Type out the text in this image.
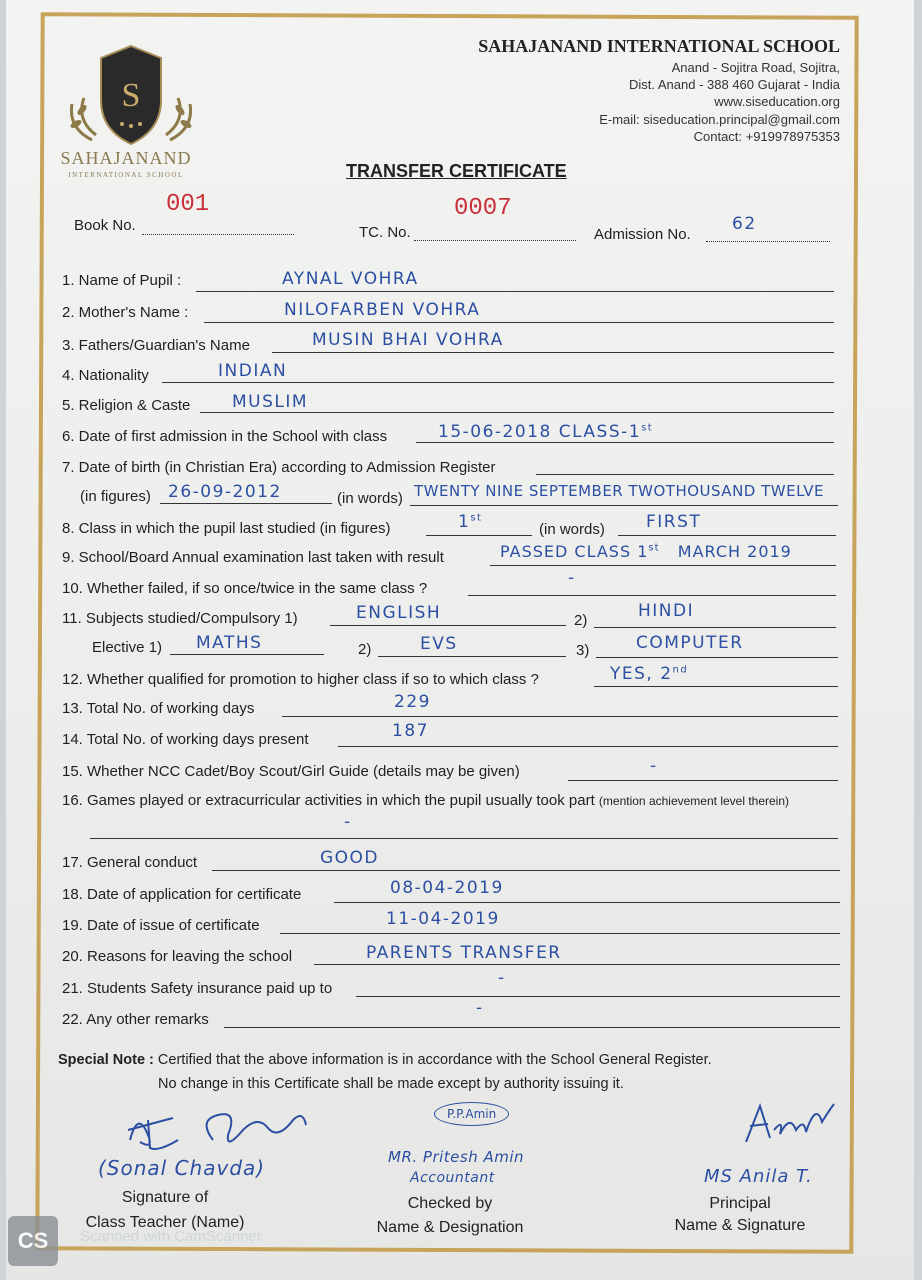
S
SAHAJANAND
INTERNATIONAL SCHOOL
SAHAJANAND INTERNATIONAL SCHOOL
Anand - Sojitra Road, Sojitra,
Dist. Anand - 388 460 Gujarat - India
www.siseducation.org
E-mail: siseducation.principal@gmail.com
Contact: +919978975353
TRANSFER CERTIFICATE
Book No.
001
TC. No.
0007
Admission No.
62
1. Name of Pupil :	AYNAL VOHRA
2. Mother's Name :	NILOFARBEN VOHRA
3. Fathers/Guardian's Name	MUSIN BHAI VOHRA
4. Nationality	INDIAN
5. Religion & Caste MUSLIM
6. Date of first admission in the School with class	15-06-2018 CLASS-1st
7. Date of birth (in Christian Era) according to Admission Register
(in figures) 26-09-2012	(in words) TWENTY NINE SEPTEMBER TWOTHOUSAND TWELVE
8. Class in which the pupil last studied (in figures)	1st
(in words) FIRST
9. School/Board Annual examination last taken with result	PASSED CLASS 1st MARCH 2019
10. Whether failed, if so once/twice in the same class ?
-
11. Subjects studied/Compulsory 1)	ENGLISH	2)	HINDI
Elective 1) MATHS	2)	EVS	3)	COMPUTER
12. Whether qualified for promotion to higher class if so to which class ?	YES, 2nd
13. Total No. of working days	229
14. Total No. of working days present	187
15. Whether NCC Cadet/Boy Scout/Girl Guide (details may be given)	-
16. Games played or extracurricular activities in which the pupil usually took part (mention achievement level therein)
-
17. General conduct	GOOD
18. Date of application for certificate	08-04-2019
19. Date of issue of certificate	11-04-2019
20. Reasons for leaving the school	PARENTS TRANSFER
21. Students Safety insurance paid up to
-
22. Any other remarks
-
Special Note : Certified that the above information is in accordance with the School General Register.
No change in this Certificate shall be made except by authority issuing it.
(Sonal Chavda)
Signature of
Class Teacher (Name)
P.P.Amin
MR. Pritesh Amin
Accountant
Checked by
Name & Designation
MS Anila T.
Principal
Name & Signature
CS	Scanned with CamScanner
